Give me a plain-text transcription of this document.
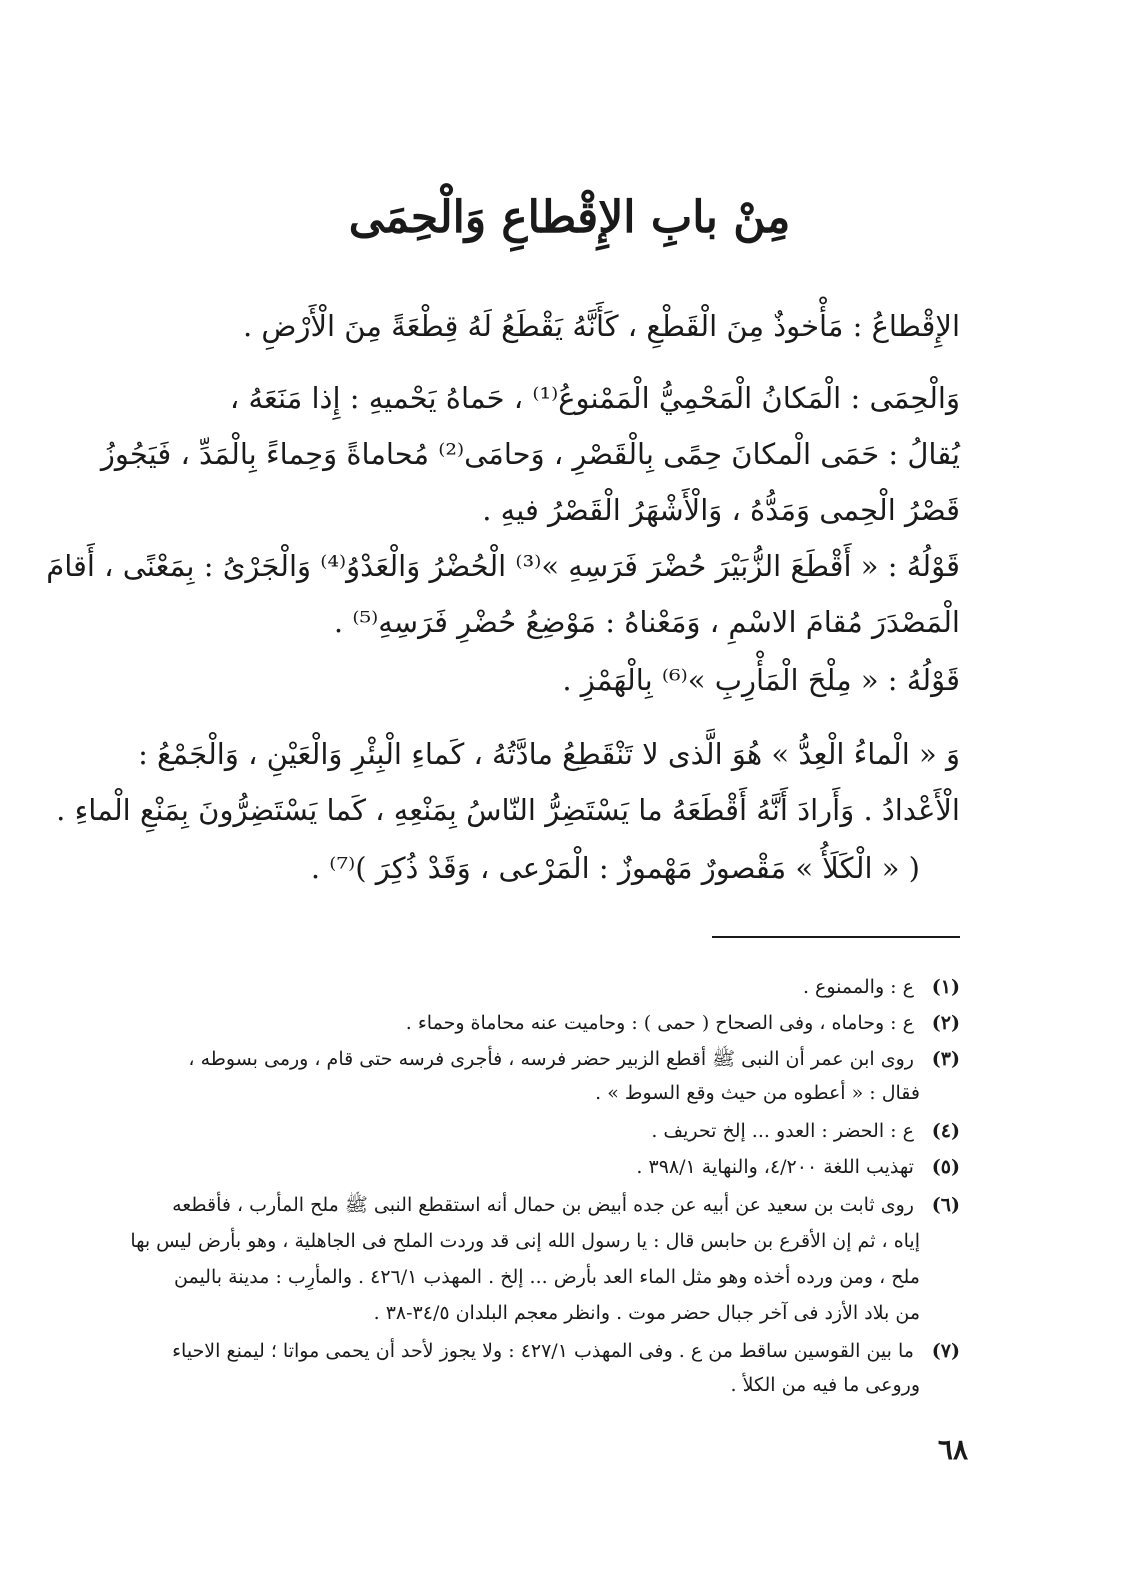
مِنْ بابِ الإِقْطاعِ وَالْحِمَى
الإِقْطاعُ : مَأْخوذٌ مِنَ الْقَطْعِ ، كَأَنَّهُ يَقْطَعُ لَهُ قِطْعَةً مِنَ الْأَرْضِ .
وَالْحِمَى : الْمَكانُ الْمَحْمِيُّ الْمَمْنوعُ⁽¹⁾ ، حَماهُ يَحْميهِ : إِذا مَنَعَهُ ،
يُقالُ : حَمَى الْمكانَ حِمًى بِالْقَصْرِ ، وَحامَى⁽²⁾ مُحاماةً وَحِماءً بِالْمَدِّ ، فَيَجُوزُ
قَصْرُ الْحِمى وَمَدُّهُ ، وَالْأَشْهَرُ الْقَصْرُ فيهِ .
قَوْلُهُ : « أَقْطَعَ الزُّبَيْرَ حُضْرَ فَرَسِهِ »⁽³⁾ الْحُضْرُ وَالْعَدْوُ⁽⁴⁾ وَالْجَرْىُ : بِمَعْنًى ، أَقامَ
الْمَصْدَرَ مُقامَ الاسْمِ ، وَمَعْناهُ : مَوْضِعُ حُضْرِ فَرَسِهِ⁽⁵⁾ .
قَوْلُهُ : « مِلْحَ الْمَأْرِبِ »⁽⁶⁾ بِالْهَمْزِ .
وَ « الْماءُ الْعِدُّ » هُوَ الَّذى لا تَنْقَطِعُ مادَّتُهُ ، كَماءِ الْبِئْرِ وَالْعَيْنِ ، وَالْجَمْعُ :
الْأَعْدادُ . وَأَرادَ أَنَّهُ أَقْطَعَهُ ما يَسْتَضِرُّ النّاسُ بِمَنْعِهِ ، كَما يَسْتَضِرُّونَ بِمَنْعِ الْماءِ .
( « الْكَلَأُ » مَقْصورٌ مَهْموزٌ : الْمَرْعى ، وَقَدْ ذُكِرَ )⁽⁷⁾ .
(١) ع : والممنوع .
(٢) ع : وحاماه ، وفى الصحاح ( حمى ) : وحاميت عنه محاماة وحماء .
(٣) روى ابن عمر أن النبى ﷺ أقطع الزبير حضر فرسه ، فأجرى فرسه حتى قام ، ورمى بسوطه ،
فقال : « أعطوه من حيث وقع السوط » .
(٤) ع : الحضر : العدو ... إلخ تحريف .
(٥) تهذيب اللغة ٤/٢٠٠، والنهاية ٣٩٨/١ .
(٦) روى ثابت بن سعيد عن أبيه عن جده أبيض بن حمال أنه استقطع النبى ﷺ ملح المأرب ، فأقطعه
إياه ، ثم إن الأقرع بن حابس قال : يا رسول الله إنى قد وردت الملح فى الجاهلية ، وهو بأرض ليس بها
ملح ، ومن ورده أخذه وهو مثل الماء العد بأرض ... إلخ . المهذب ٤٢٦/١ . والمأرِب : مدينة باليمن
من بلاد الأزد فى آخر جبال حضر موت . وانظر معجم البلدان ٣٤/٥-٣٨ .
(٧) ما بين القوسين ساقط من ع . وفى المهذب ٤٢٧/١ : ولا يجوز لأحد أن يحمى مواتا ؛ ليمنع الاحياء
وروعى ما فيه من الكلأ .
٦٨
